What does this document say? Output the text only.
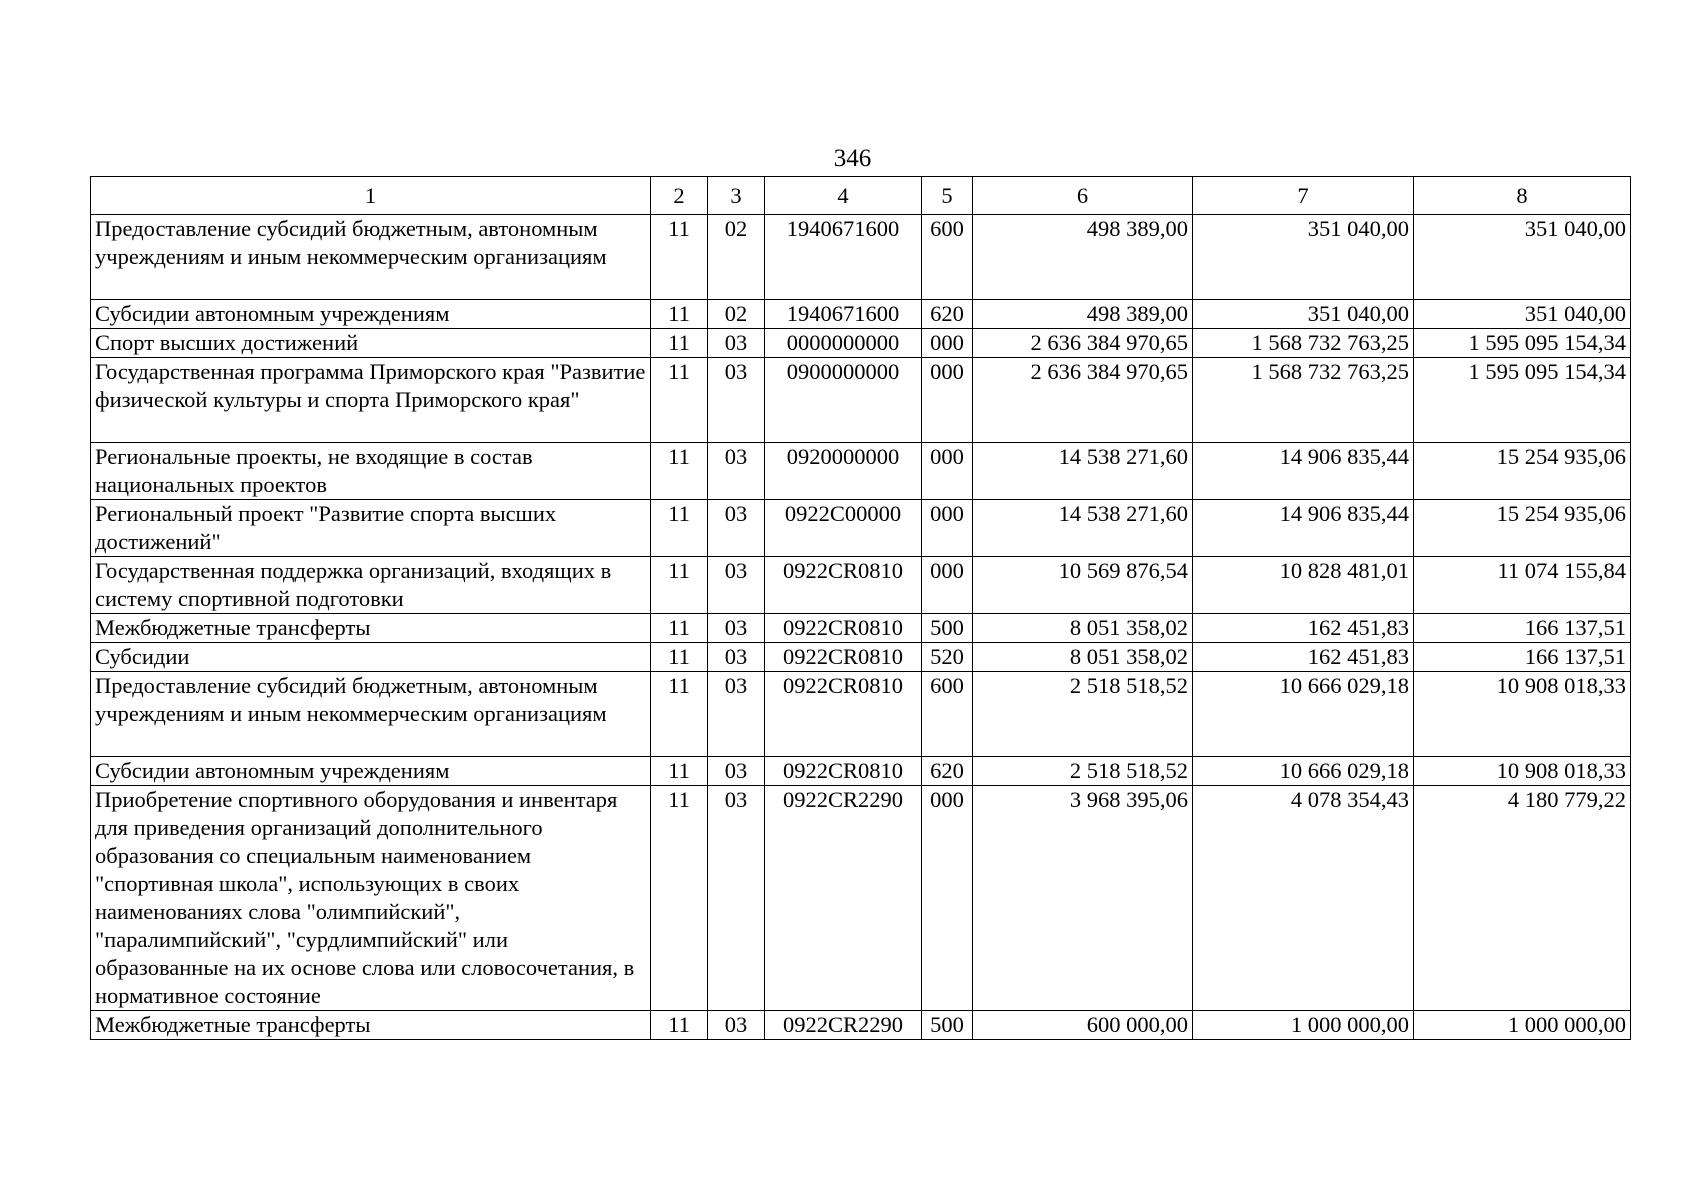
346
1	2	3	4	5	6	7	8
Предоставление субсидий бюджетным, автономным учреждениям и иным некоммерческим организациям	11	02	1940671600	600	498 389,00	351 040,00	351 040,00
Субсидии автономным учреждениям	11	02	1940671600	620	498 389,00	351 040,00	351 040,00
Спорт высших достижений	11	03	0000000000	000	2 636 384 970,65	1 568 732 763,25	1 595 095 154,34
Государственная программа Приморского края "Развитие физической культуры и спорта Приморского края"	11	03	0900000000	000	2 636 384 970,65	1 568 732 763,25	1 595 095 154,34
Региональные проекты, не входящие в состав национальных проектов	11	03	0920000000	000	14 538 271,60	14 906 835,44	15 254 935,06
Региональный проект "Развитие спорта высших достижений"	11	03	0922C00000	000	14 538 271,60	14 906 835,44	15 254 935,06
Государственная поддержка организаций, входящих в систему спортивной подготовки	11	03	0922CR0810	000	10 569 876,54	10 828 481,01	11 074 155,84
Межбюджетные трансферты	11	03	0922CR0810	500	8 051 358,02	162 451,83	166 137,51
Субсидии	11	03	0922CR0810	520	8 051 358,02	162 451,83	166 137,51
Предоставление субсидий бюджетным, автономным учреждениям и иным некоммерческим организациям	11	03	0922CR0810	600	2 518 518,52	10 666 029,18	10 908 018,33
Субсидии автономным учреждениям	11	03	0922CR0810	620	2 518 518,52	10 666 029,18	10 908 018,33
Приобретение спортивного оборудования и инвентаря для приведения организаций дополнительного образования со специальным наименованием "спортивная школа", использующих в своих наименованиях слова "олимпийский", "паралимпийский", "сурдлимпийский" или образованные на их основе слова или словосочетания, в нормативное состояние	11	03	0922CR2290	000	3 968 395,06	4 078 354,43	4 180 779,22
Межбюджетные трансферты	11	03	0922CR2290	500	600 000,00	1 000 000,00	1 000 000,00
